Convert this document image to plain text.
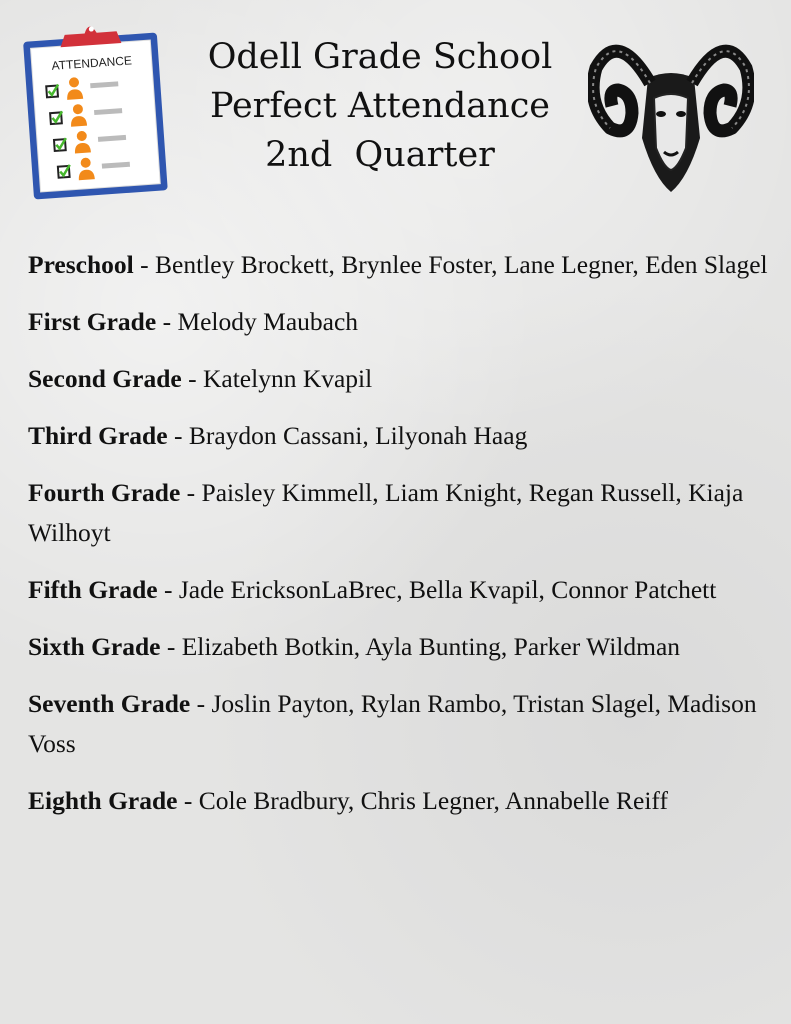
ATTENDANCE	Odell Grade School
Perfect Attendance
2nd  Quarter
Preschool - Bentley Brockett, Brynlee Foster, Lane Legner, Eden Slagel
First Grade - Melody Maubach
Second Grade - Katelynn Kvapil
Third Grade - Braydon Cassani, Lilyonah Haag
Fourth Grade - Paisley Kimmell, Liam Knight, Regan Russell, Kiaja Wilhoyt
Fifth Grade - Jade EricksonLaBrec, Bella Kvapil, Connor Patchett
Sixth Grade - Elizabeth Botkin, Ayla Bunting, Parker Wildman
Seventh Grade - Joslin Payton, Rylan Rambo, Tristan Slagel, Madison Voss
Eighth Grade - Cole Bradbury, Chris Legner, Annabelle Reiff
